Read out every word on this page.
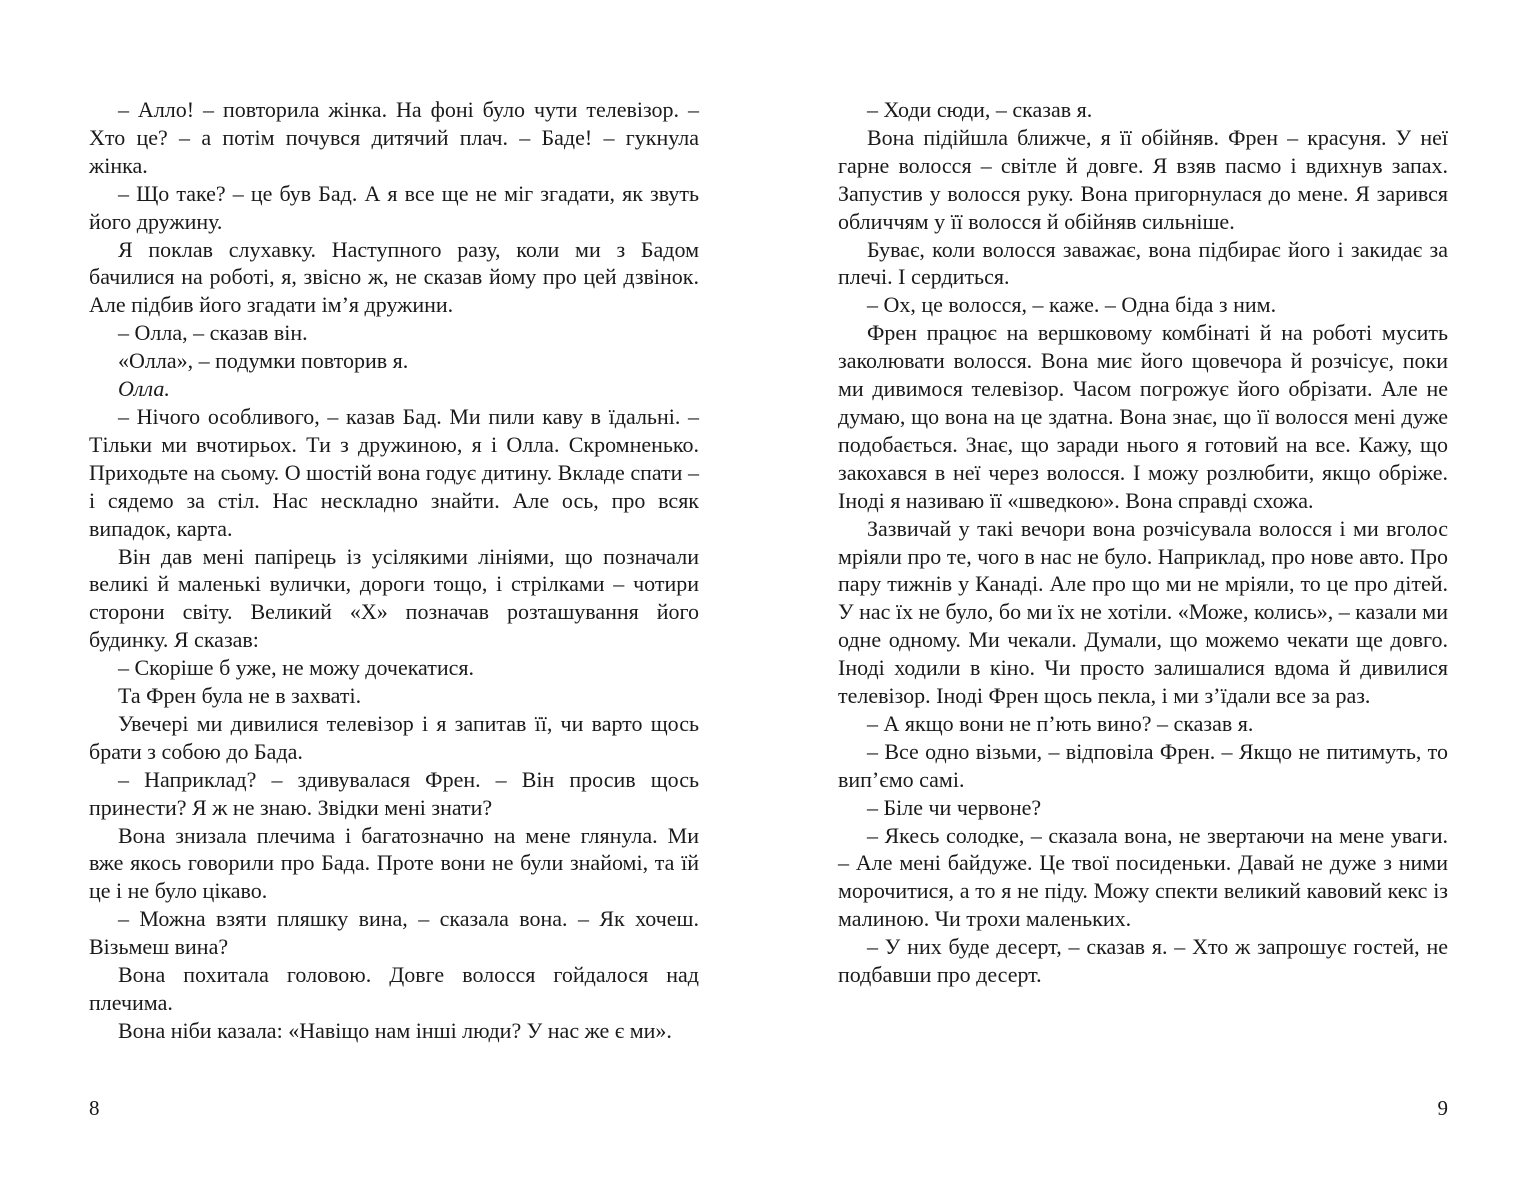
– Алло! – повторила жінка. На фоні було чути телевізор. – Хто це? – а потім почувся дитячий плач. – Баде! – гукнула жінка.

– Що таке? – це був Бад. А я все ще не міг згадати, як звуть його дружину.

Я поклав слухавку. Наступного разу, коли ми з Бадом бачилися на роботі, я, звісно ж, не сказав йому про цей дзвінок. Але підбив його згадати ім’я дружини.

– Олла, – сказав він.

«Олла», – подумки повторив я.

Олла.

– Нічого особливого, – казав Бад. Ми пили каву в їдальні. – Тільки ми вчотирьох. Ти з дружиною, я і Олла. Скромненько. Приходьте на сьому. О шостій вона годує дитину. Вкладе спати – і сядемо за стіл. Нас нескладно знайти. Але ось, про всяк випадок, карта.

Він дав мені папірець із усілякими лініями, що позначали великі й маленькі вулички, дороги тощо, і стрілками – чотири сторони світу. Великий «Х» позначав розташування його будинку. Я сказав:

– Скоріше б уже, не можу дочекатися.

Та Френ була не в захваті.

Увечері ми дивилися телевізор і я запитав її, чи варто щось брати з собою до Бада.

– Наприклад? – здивувалася Френ. – Він просив щось принести? Я ж не знаю. Звідки мені знати?

Вона знизала плечима і багатозначно на мене глянула. Ми вже якось говорили про Бада. Проте вони не були знайомі, та їй це і не було цікаво.

– Можна взяти пляшку вина, – сказала вона. – Як хочеш. Візьмеш вина?

Вона похитала головою. Довге волосся гойдалося над плечима.

Вона ніби казала: «Навіщо нам інші люди? У нас же є ми».

8

– Ходи сюди, – сказав я.

Вона підійшла ближче, я її обійняв. Френ – красуня. У неї гарне волосся – світле й довге. Я взяв пасмо і вдихнув запах. Запустив у волосся руку. Вона пригорнулася до мене. Я зарився обличчям у її волосся й обійняв сильніше.

Буває, коли волосся заважає, вона підбирає його і закидає за плечі. І сердиться.

– Ох, це волосся, – каже. – Одна біда з ним.

Френ працює на вершковому комбінаті й на роботі мусить заколювати волосся. Вона миє його щовечора й розчісує, поки ми дивимося телевізор. Часом погрожує його обрізати. Але не думаю, що вона на це здатна. Вона знає, що її волосся мені дуже подобається. Знає, що заради нього я готовий на все. Кажу, що закохався в неї через волосся. І можу розлюбити, якщо обріже. Іноді я називаю її «шведкою». Вона справді схожа.

Зазвичай у такі вечори вона розчісувала волосся і ми вголос мріяли про те, чого в нас не було. Наприклад, про нове авто. Про пару тижнів у Канаді. Але про що ми не мріяли, то це про дітей. У нас їх не було, бо ми їх не хотіли. «Може, колись», – казали ми одне одному. Ми чекали. Думали, що можемо чекати ще довго. Іноді ходили в кіно. Чи просто залишалися вдома й дивилися телевізор. Іноді Френ щось пекла, і ми з’їдали все за раз.

– А якщо вони не п’ють вино? – сказав я.

– Все одно візьми, – відповіла Френ. – Якщо не питимуть, то вип’ємо самі.

– Біле чи червоне?

– Якесь солодке, – сказала вона, не звертаючи на мене уваги. – Але мені байдуже. Це твої посиденьки. Давай не дуже з ними морочитися, а то я не піду. Можу спекти великий кавовий кекс із малиною. Чи трохи маленьких.

– У них буде десерт, – сказав я. – Хто ж запрошує гостей, не подбавши про десерт.

9
